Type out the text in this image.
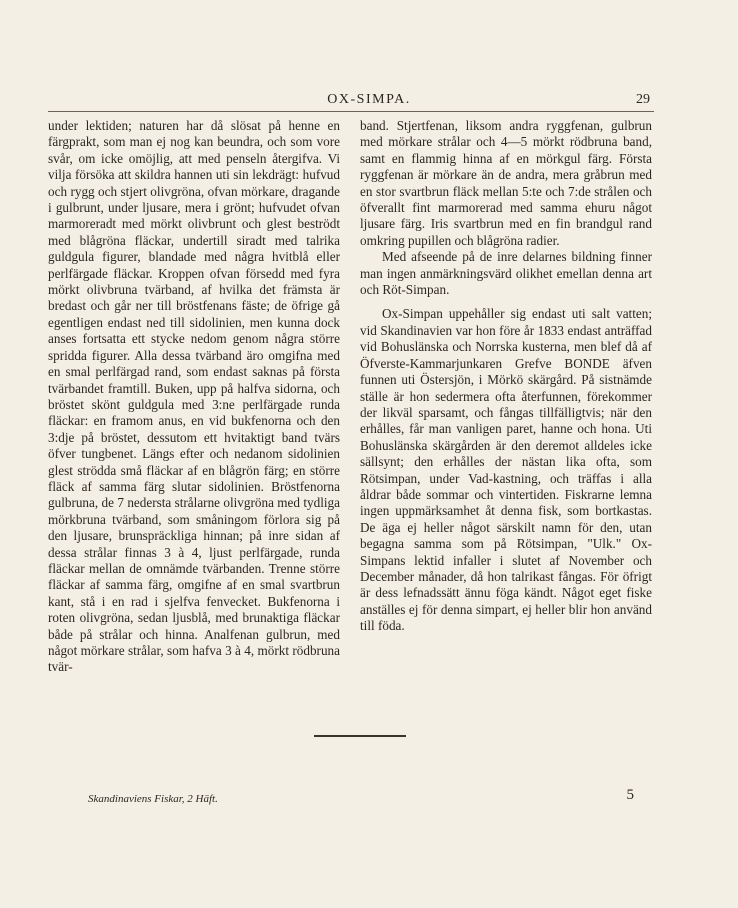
OX-SIMPA.	29

under lektiden; naturen har då slösat på henne en färgprakt, som man ej nog kan beundra, och som vore svår, om icke omöjlig, att med penseln återgifva. Vi vilja försöka att skildra hannen uti sin lekdrägt: hufvud och rygg och stjert olivgröna, ofvan mörkare, dragande i gulbrunt, under ljusare, mera i grönt; hufvudet ofvan marmoreradt med mörkt olivbrunt och glest beströdt med blågröna fläckar, undertill siradt med talrika guldgula figurer, blandade med några hvitblå eller perlfärgade fläckar. Kroppen ofvan försedd med fyra mörkt olivbruna tvärband, af hvilka det främsta är bredast och går ner till bröstfenans fäste; de öfrige gå egentligen endast ned till sidolinien, men kunna dock anses fortsatta ett stycke nedom genom några större spridda figurer. Alla dessa tvärband äro omgifna med en smal perlfärgad rand, som endast saknas på första tvärbandet framtill. Buken, upp på halfva sidorna, och bröstet skönt guldgula med 3:ne perlfärgade runda fläckar: en framom anus, en vid bukfenorna och den 3:dje på bröstet, dessutom ett hvitaktigt band tvärs öfver tungbenet. Längs efter och nedanom sidolinien glest strödda små fläckar af en blågrön färg; en större fläck af samma färg slutar sidolinien. Bröstfenorna gulbruna, de 7 nedersta strålarne olivgröna med tydliga mörkbruna tvärband, som småningom förlora sig på den ljusare, brunspräckliga hinnan; på inre sidan af dessa strålar finnas 3 à 4, ljust perlfärgade, runda fläckar mellan de omnämde tvärbanden. Trenne större fläckar af samma färg, omgifne af en smal svartbrun kant, stå i en rad i sjelfva fenvecket. Bukfenorna i roten olivgröna, sedan ljusblå, med brunaktiga fläckar både på strålar och hinna. Analfenan gulbrun, med något mörkare strålar, som hafva 3 à 4, mörkt rödbruna tvär-

band. Stjertfenan, liksom andra ryggfenan, gulbrun med mörkare strålar och 4—5 mörkt rödbruna band, samt en flammig hinna af en mörkgul färg. Första ryggfenan är mörkare än de andra, mera gråbrun med en stor svartbrun fläck mellan 5:te och 7:de strålen och öfverallt fint marmorerad med samma ehuru något ljusare färg. Iris svartbrun med en fin brandgul rand omkring pupillen och blågröna radier.

Med afseende på de inre delarnes bildning finner man ingen anmärkningsvärd olikhet emellan denna art och Röt-Simpan.

Ox-Simpan uppehåller sig endast uti salt vatten; vid Skandinavien var hon före år 1833 endast anträffad vid Bohuslänska och Norrska kusterna, men blef då af Öfverste-Kammarjunkaren Grefve BONDE äfven funnen uti Östersjön, i Mörkö skärgård. På sistnämde ställe är hon sedermera ofta återfunnen, förekommer der likväl sparsamt, och fångas tillfälligtvis; när den erhålles, får man vanligen paret, hanne och hona. Uti Bohuslänska skärgården är den deremot alldeles icke sällsynt; den erhålles der nästan lika ofta, som Rötsimpan, under Vad-kastning, och träffas i alla åldrar både sommar och vintertiden. Fiskrarne lemna ingen uppmärksamhet åt denna fisk, som bortkastas. De äga ej heller något särskilt namn för den, utan begagna samma som på Rötsimpan, "Ulk." Ox-Simpans lektid infaller i slutet af November och December månader, då hon talrikast fångas. För öfrigt är dess lefnadssätt ännu föga kändt. Något eget fiske anställes ej för denna simpart, ej heller blir hon använd till föda.

Skandinaviens Fiskar, 2 Häft.	5
